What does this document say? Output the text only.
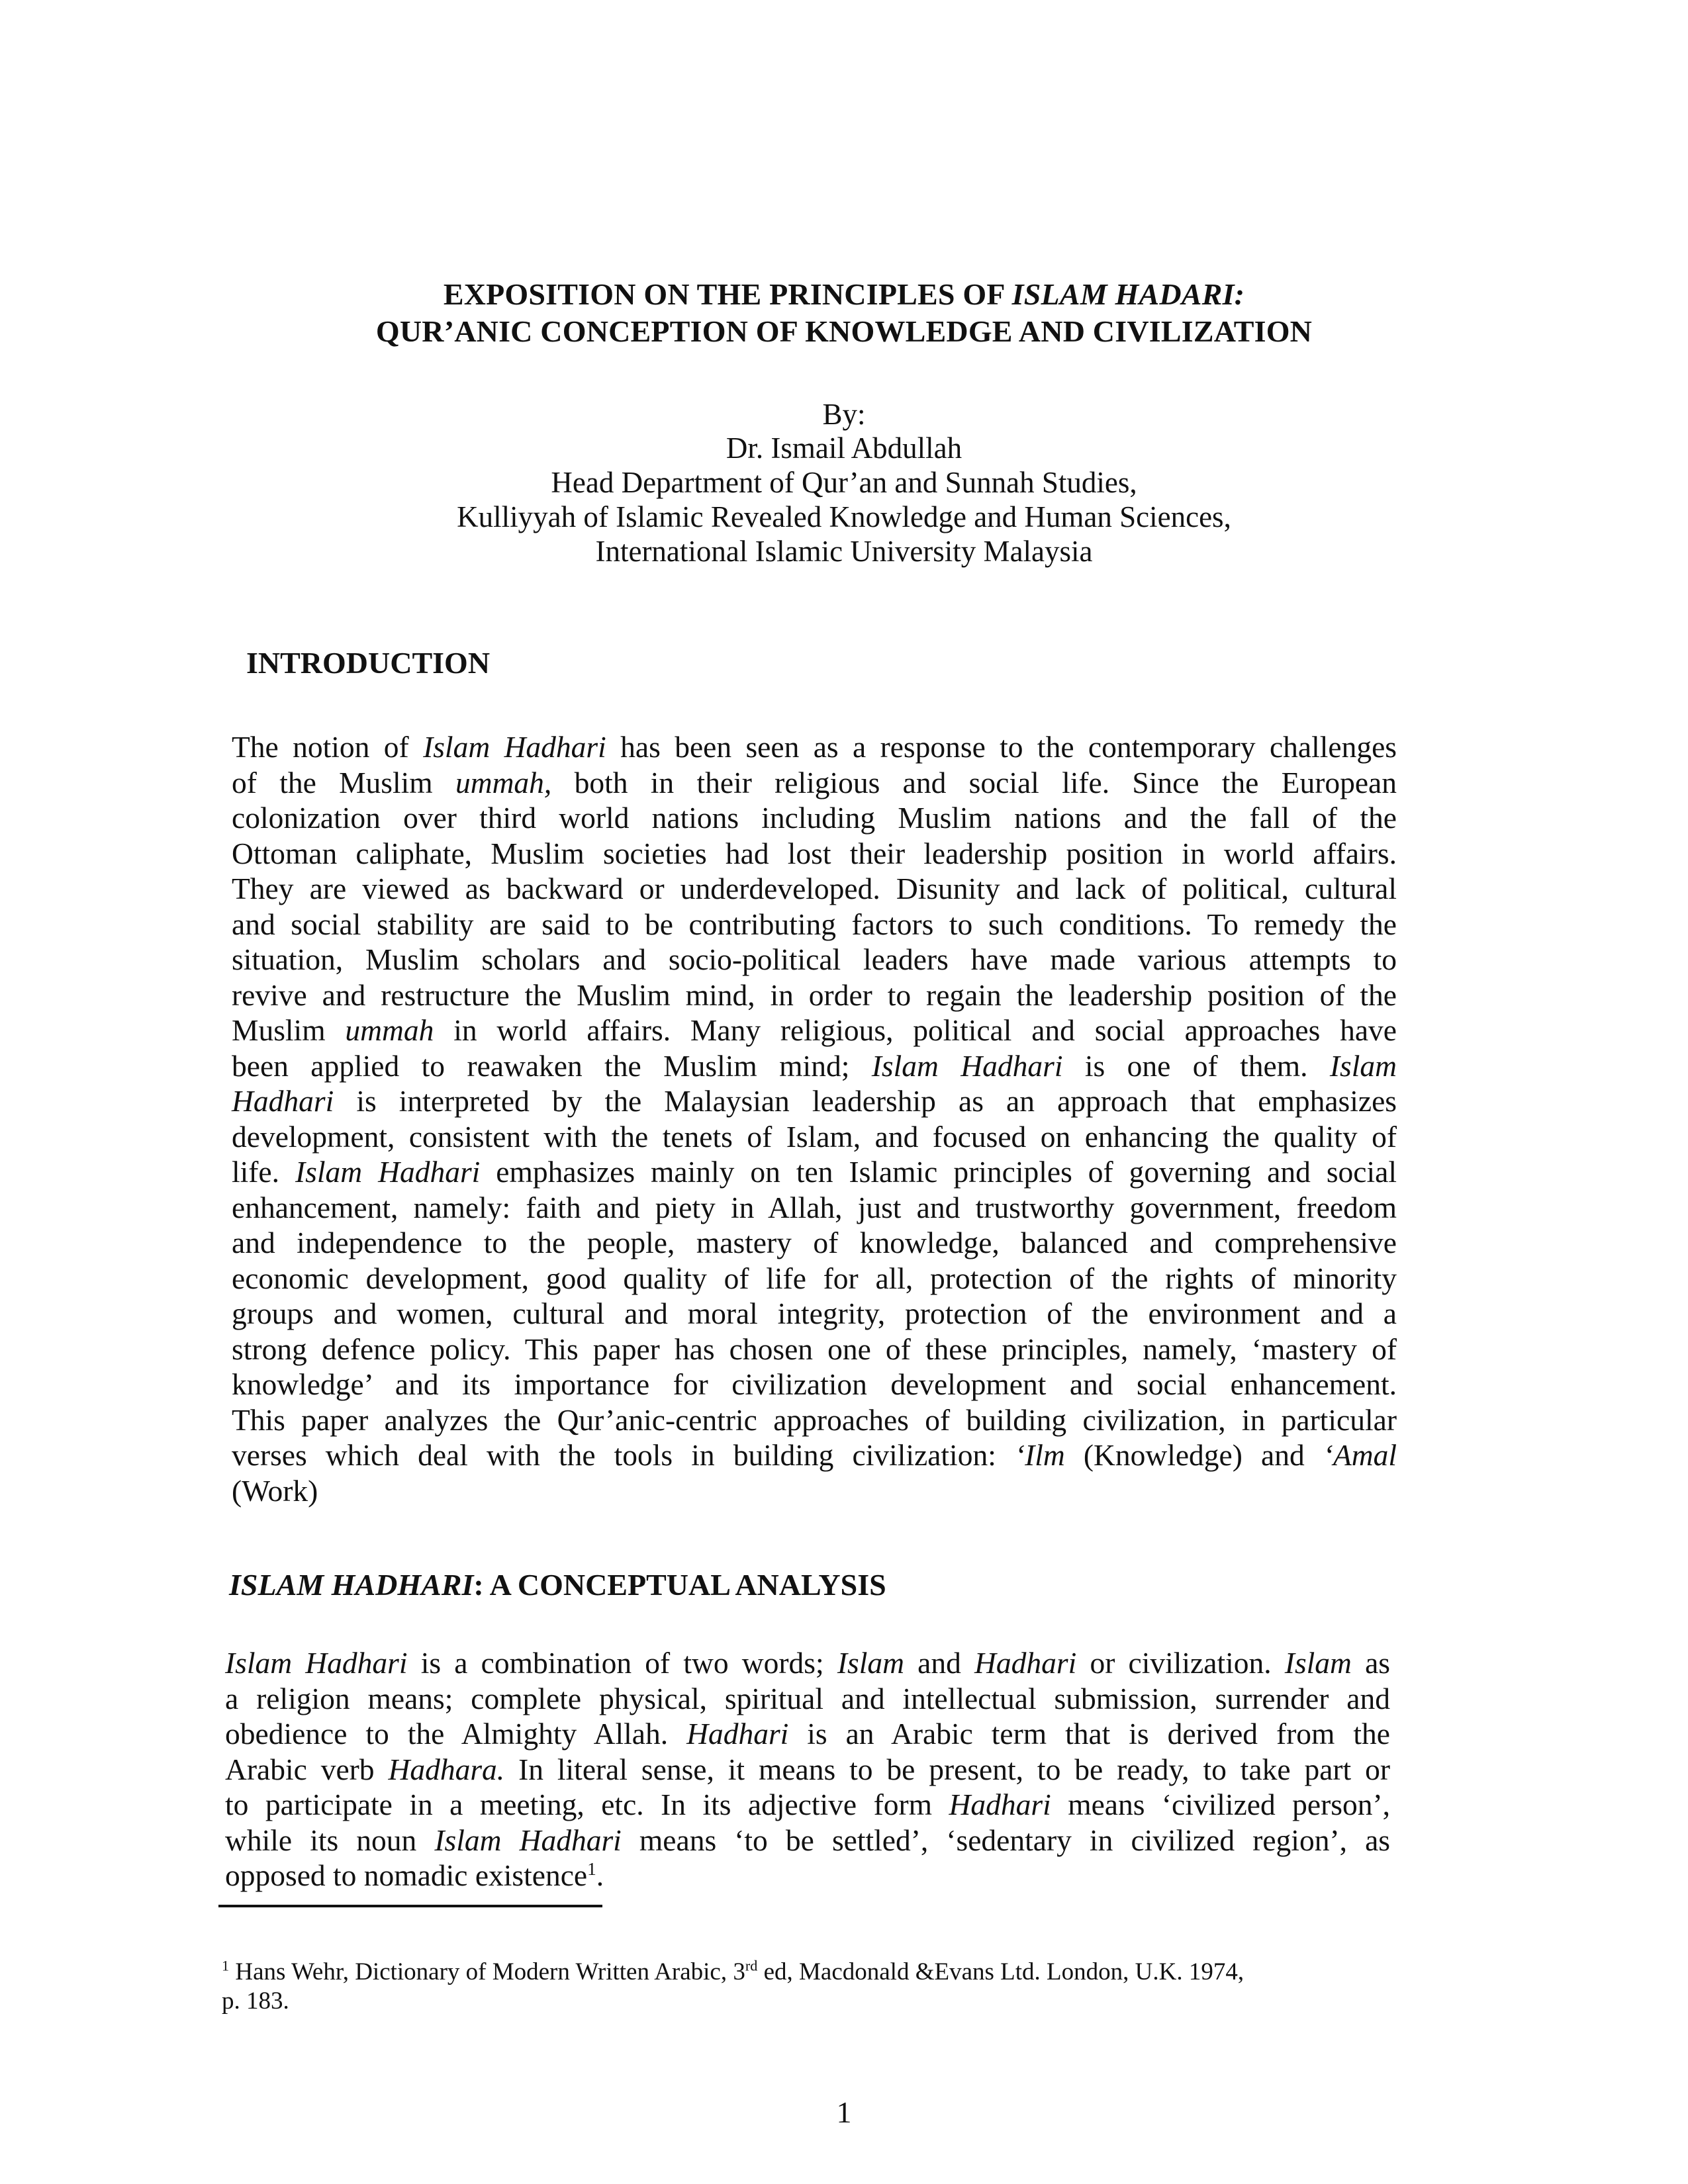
EXPOSITION ON THE PRINCIPLES OF ISLAM HADARI:
QUR’ANIC CONCEPTION OF KNOWLEDGE AND CIVILIZATION
By:
Dr. Ismail Abdullah
Head Department of Qur’an and Sunnah Studies,
Kulliyyah of Islamic Revealed Knowledge and Human Sciences,
International Islamic University Malaysia
INTRODUCTION
The notion of Islam Hadhari has been seen as a response to the contemporary challenges
of the Muslim ummah, both in their religious and social life. Since the European
colonization over third world nations including Muslim nations and the fall of the
Ottoman caliphate, Muslim societies had lost their leadership position in world affairs.
They are viewed as backward or underdeveloped. Disunity and lack of political, cultural
and social stability are said to be contributing factors to such conditions. To remedy the
situation, Muslim scholars and socio-political leaders have made various attempts to
revive and restructure the Muslim mind, in order to regain the leadership position of the
Muslim ummah in world affairs. Many religious, political and social approaches have
been applied to reawaken the Muslim mind; Islam Hadhari is one of them. Islam
Hadhari is interpreted by the Malaysian leadership as an approach that emphasizes
development, consistent with the tenets of Islam, and focused on enhancing the quality of
life. Islam Hadhari emphasizes mainly on ten Islamic principles of governing and social
enhancement, namely: faith and piety in Allah, just and trustworthy government, freedom
and independence to the people, mastery of knowledge, balanced and comprehensive
economic development, good quality of life for all, protection of the rights of minority
groups and women, cultural and moral integrity, protection of the environment and a
strong defence policy. This paper has chosen one of these principles, namely, ‘mastery of
knowledge’ and its importance for civilization development and social enhancement.
This paper analyzes the Qur’anic-centric approaches of building civilization, in particular
verses which deal with the tools in building civilization: ‘Ilm (Knowledge) and ‘Amal
(Work)
ISLAM HADHARI: A CONCEPTUAL ANALYSIS
Islam Hadhari is a combination of two words; Islam and Hadhari or civilization. Islam as
a religion means; complete physical, spiritual and intellectual submission, surrender and
obedience to the Almighty Allah. Hadhari is an Arabic term that is derived from the
Arabic verb Hadhara. In literal sense, it means to be present, to be ready, to take part or
to participate in a meeting, etc. In its adjective form Hadhari means ‘civilized person’,
while its noun Islam Hadhari means ‘to be settled’, ‘sedentary in civilized region’, as
opposed to nomadic existence$^1$.
$^1$ Hans Wehr, Dictionary of Modern Written Arabic, 3rd ed, Macdonald &Evans Ltd. London, U.K. 1974,
p. 183.
1
